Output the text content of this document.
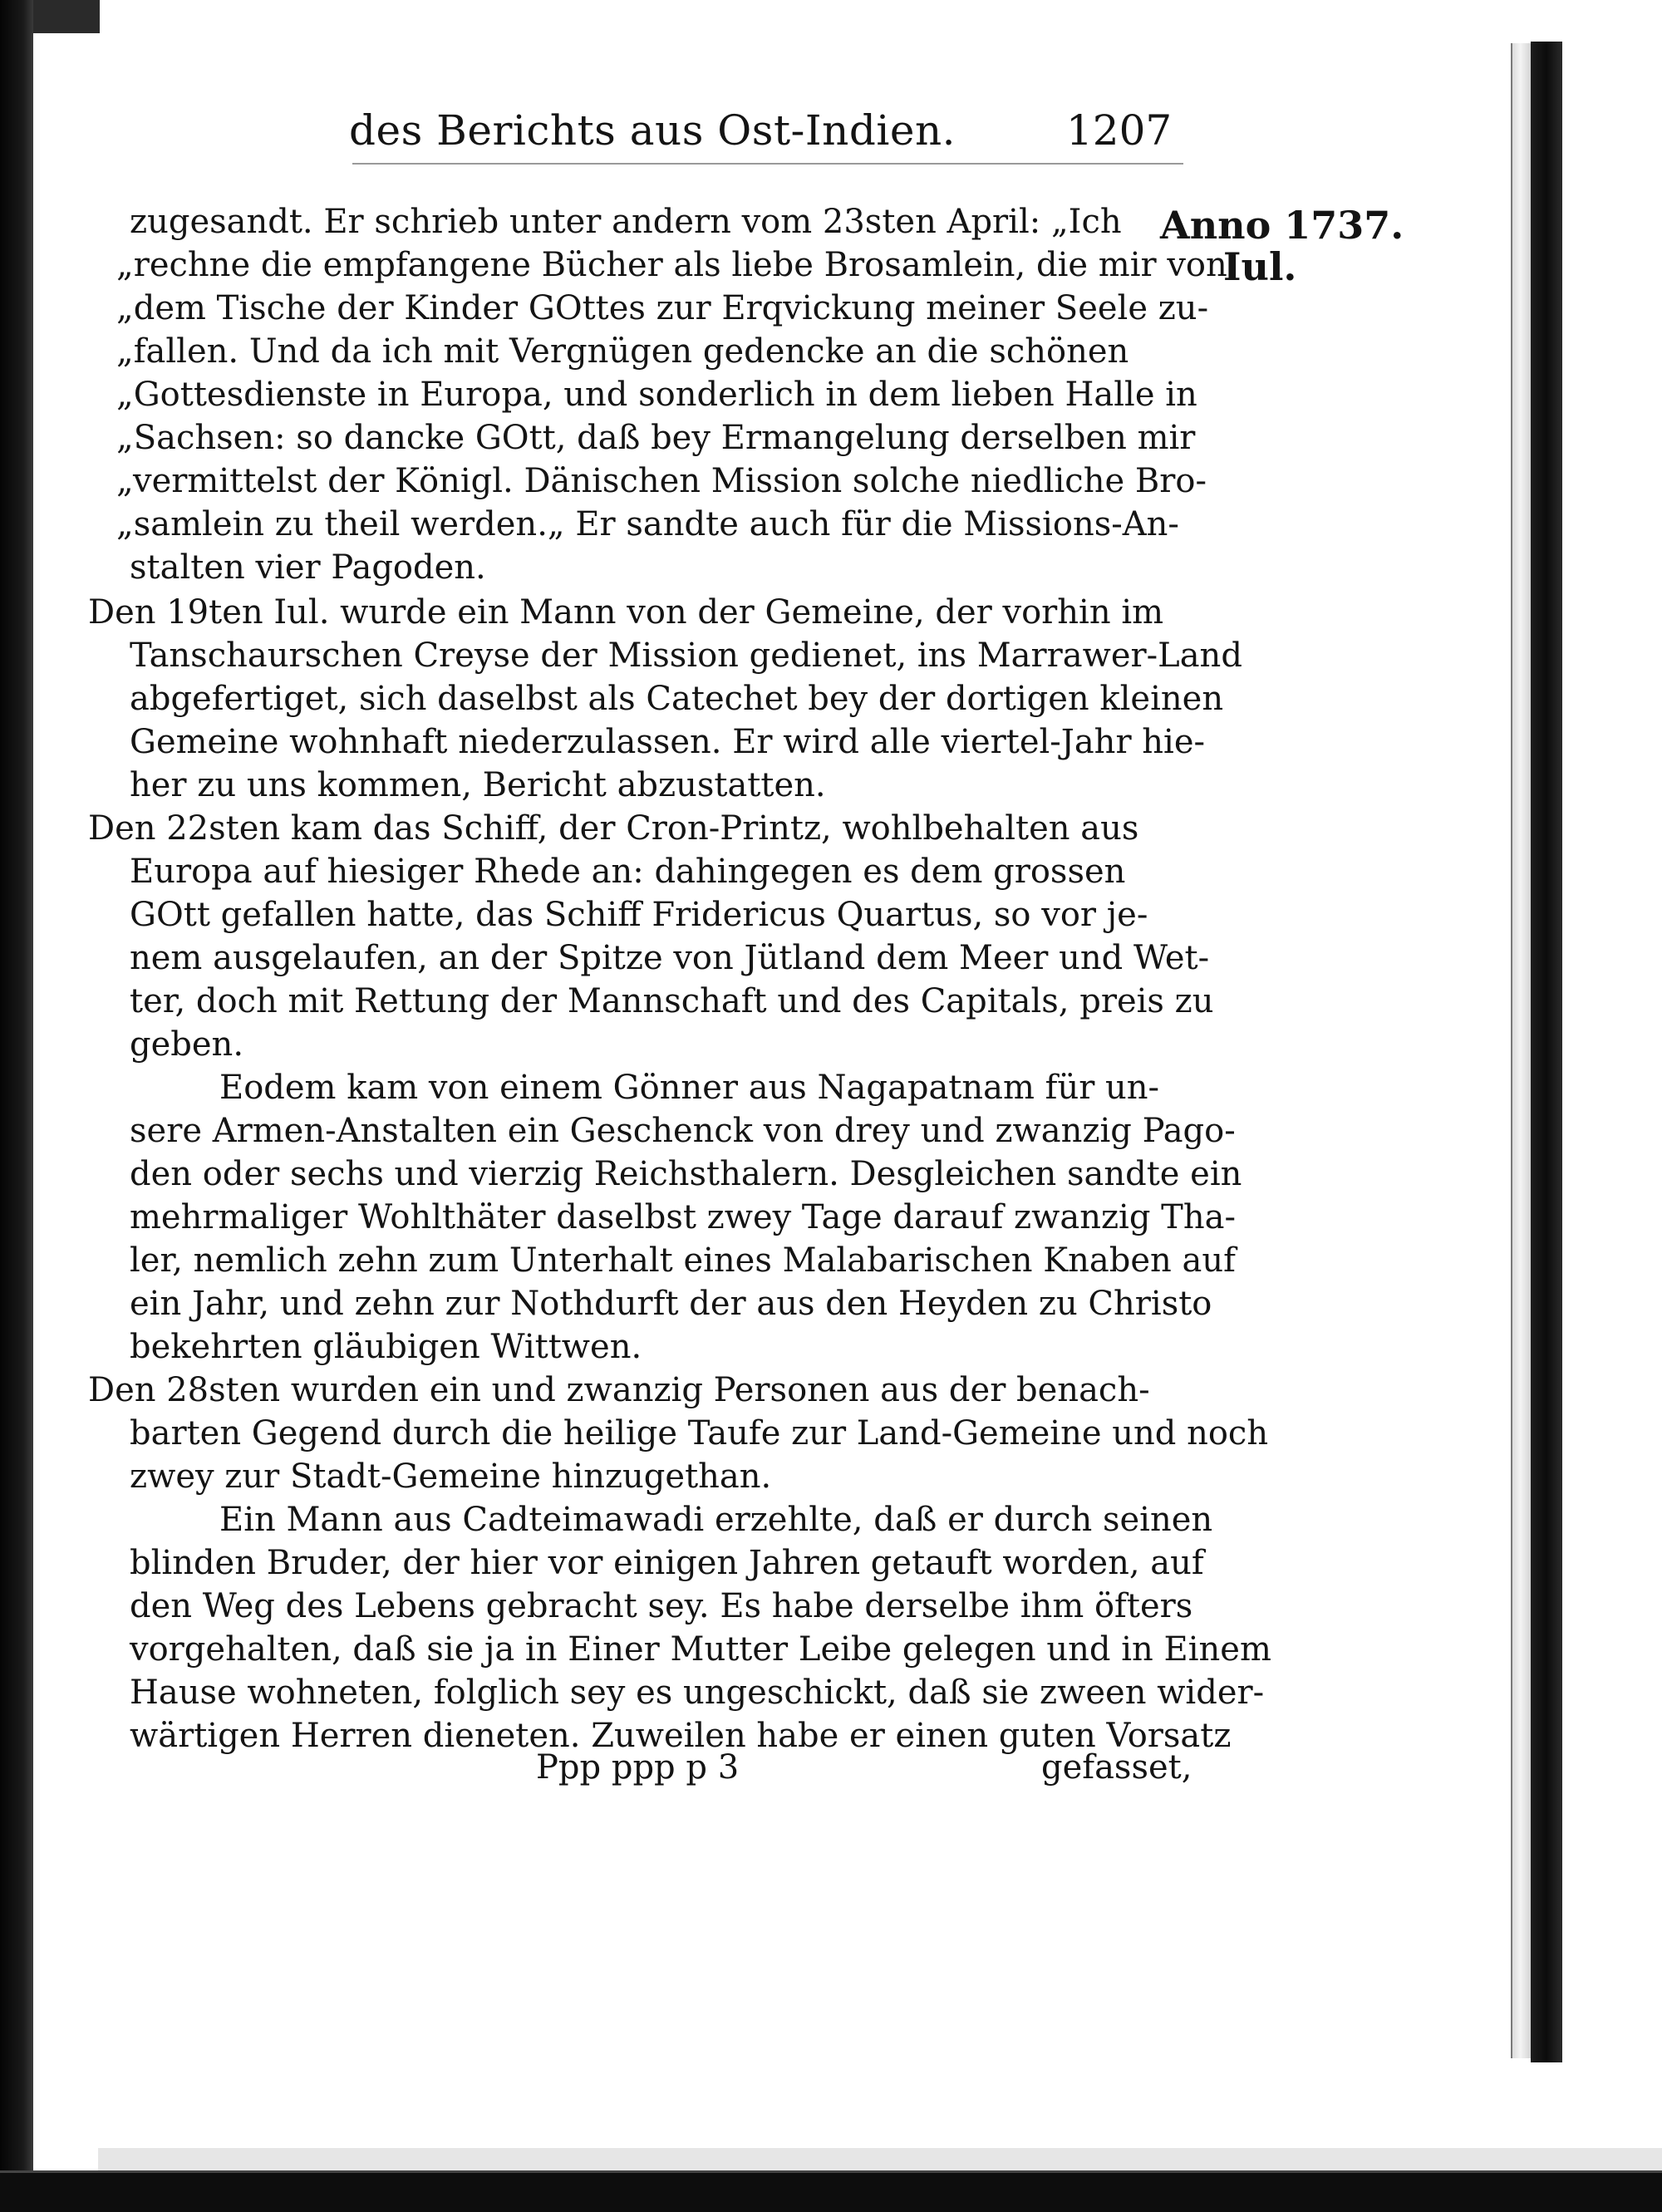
des Berichts aus Ost-Indien.	1207
Anno 1737.
Iul.
zugesandt. Er schrieb unter andern vom 23sten April: „Ich
„rechne die empfangene Bücher als liebe Brosamlein, die mir von
„dem Tische der Kinder GOttes zur Erqvickung meiner Seele zu-
„fallen. Und da ich mit Vergnügen gedencke an die schönen
„Gottesdienste in Europa, und sonderlich in dem lieben Halle in
„Sachsen: so dancke GOtt, daß bey Ermangelung derselben mir
„vermittelst der Königl. Dänischen Mission solche niedliche Bro-
„samlein zu theil werden.„ Er sandte auch für die Missions-An-
stalten vier Pagoden.
Den 19ten Iul. wurde ein Mann von der Gemeine, der vorhin im
Tanschaurschen Creyse der Mission gedienet, ins Marrawer-Land
abgefertiget, sich daselbst als Catechet bey der dortigen kleinen
Gemeine wohnhaft niederzulassen. Er wird alle viertel-Jahr hie-
her zu uns kommen, Bericht abzustatten.
Den 22sten kam das Schiff, der Cron-Printz, wohlbehalten aus
Europa auf hiesiger Rhede an: dahingegen es dem grossen
GOtt gefallen hatte, das Schiff Fridericus Quartus, so vor je-
nem ausgelaufen, an der Spitze von Jütland dem Meer und Wet-
ter, doch mit Rettung der Mannschaft und des Capitals, preis zu
geben.
Eodem kam von einem Gönner aus Nagapatnam für un-
sere Armen-Anstalten ein Geschenck von drey und zwanzig Pago-
den oder sechs und vierzig Reichsthalern. Desgleichen sandte ein
mehrmaliger Wohlthäter daselbst zwey Tage darauf zwanzig Tha-
ler, nemlich zehn zum Unterhalt eines Malabarischen Knaben auf
ein Jahr, und zehn zur Nothdurft der aus den Heyden zu Christo
bekehrten gläubigen Wittwen.
Den 28sten wurden ein und zwanzig Personen aus der benach-
barten Gegend durch die heilige Taufe zur Land-Gemeine und noch
zwey zur Stadt-Gemeine hinzugethan.
Ein Mann aus Cadteimawadi erzehlte, daß er durch seinen
blinden Bruder, der hier vor einigen Jahren getauft worden, auf
den Weg des Lebens gebracht sey. Es habe derselbe ihm öfters
vorgehalten, daß sie ja in Einer Mutter Leibe gelegen und in Einem
Hause wohneten, folglich sey es ungeschickt, daß sie zween wider-
wärtigen Herren dieneten. Zuweilen habe er einen guten Vorsatz
Ppp ppp p 3	gefasset,
